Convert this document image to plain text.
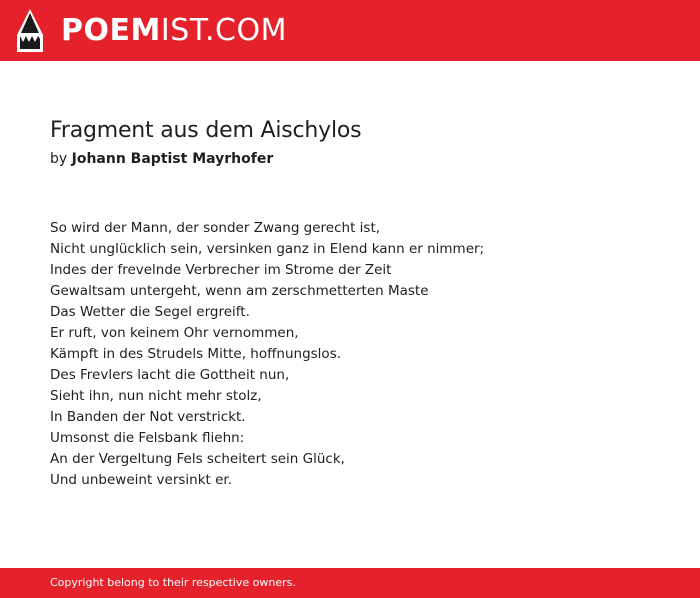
POEMIST.COM
Fragment aus dem Aischylos
by Johann Baptist Mayrhofer
So wird der Mann, der sonder Zwang gerecht ist,
Nicht unglücklich sein, versinken ganz in Elend kann er nimmer;
Indes der frevelnde Verbrecher im Strome der Zeit
Gewaltsam untergeht, wenn am zerschmetterten Maste
Das Wetter die Segel ergreift.
Er ruft, von keinem Ohr vernommen,
Kämpft in des Strudels Mitte, hoffnungslos.
Des Frevlers lacht die Gottheit nun,
Sieht ihn, nun nicht mehr stolz,
In Banden der Not verstrickt.
Umsonst die Felsbank fliehn:
An der Vergeltung Fels scheitert sein Glück,
Und unbeweint versinkt er.
Copyright belong to their respective owners.
